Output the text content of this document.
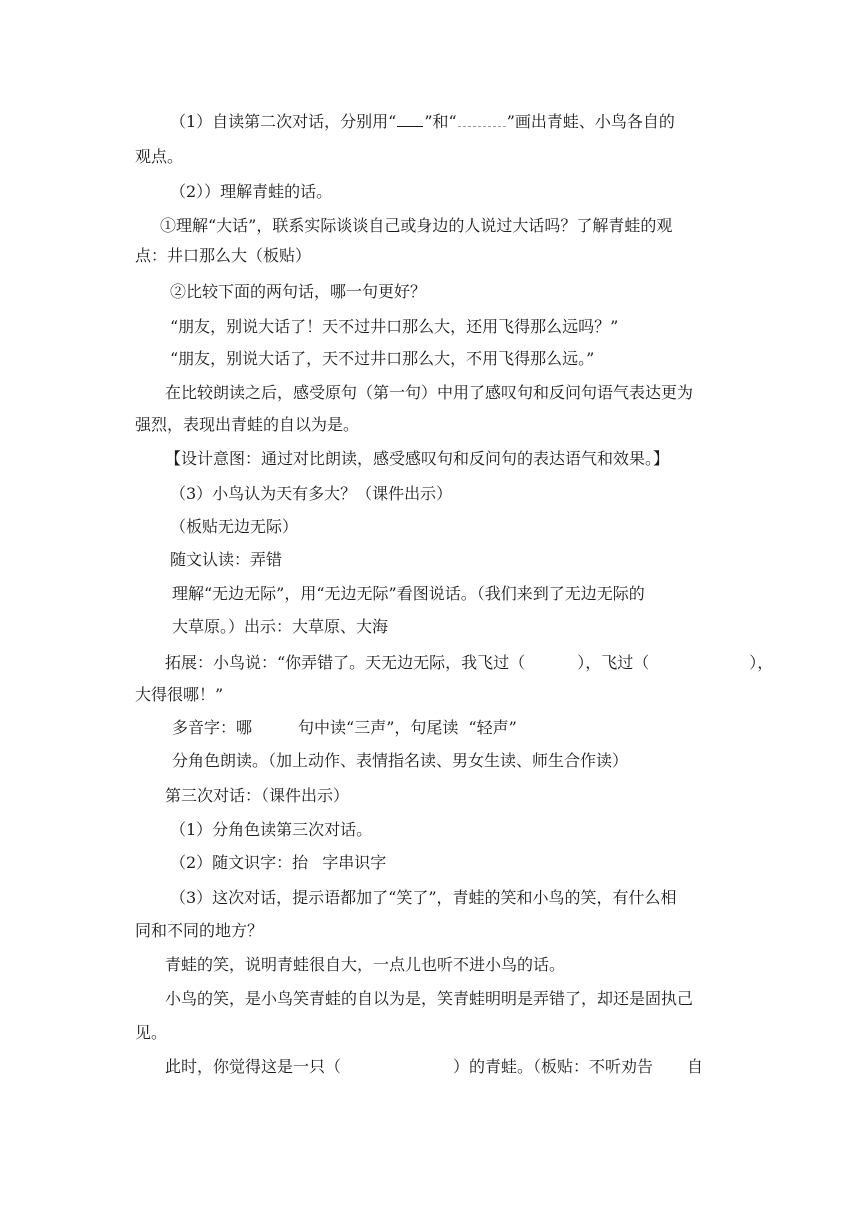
（1）自读第二次对话，分别用“ ”和“	”画出青蛙、小鸟各自的
观点。
（2））理解青蛙的话。
①理解“大话”，联系实际谈谈自己或身边的人说过大话吗？了解青蛙的观
点：井口那么大（板贴）
②比较下面的两句话，哪一句更好？
“朋友，别说大话了！天不过井口那么大，还用飞得那么远吗？”
“朋友，别说大话了，天不过井口那么大，不用飞得那么远。”
在比较朗读之后，感受原句（第一句）中用了感叹句和反问句语气表达更为
强烈，表现出青蛙的自以为是。
【设计意图：通过对比朗读，感受感叹句和反问句的表达语气和效果。】
（3）小鸟认为天有多大？（课件出示）
（板贴无边无际）
随文认读：弄错
理解“无边无际”，用“无边无际”看图说话。（我们来到了无边无际的
大草原。）出示：大草原、大海
拓展：小鸟说：“你弄错了。天无边无际，我飞过（	），飞过（	），
大得很哪！”
多音字：哪	句中读“三声”，句尾读 “轻声”
分角色朗读。（加上动作、表情指名读、男女生读、师生合作读）
第三次对话：（课件出示）
（1）分角色读第三次对话。
（2）随文识字：抬 字串识字
（3）这次对话，提示语都加了“笑了”，青蛙的笑和小鸟的笑，有什么相
同和不同的地方？
青蛙的笑，说明青蛙很自大，一点儿也听不进小鸟的话。
小鸟的笑，是小鸟笑青蛙的自以为是，笑青蛙明明是弄错了，却还是固执己
见。
此时，你觉得这是一只（	）的青蛙。（板贴：不听劝告 自
